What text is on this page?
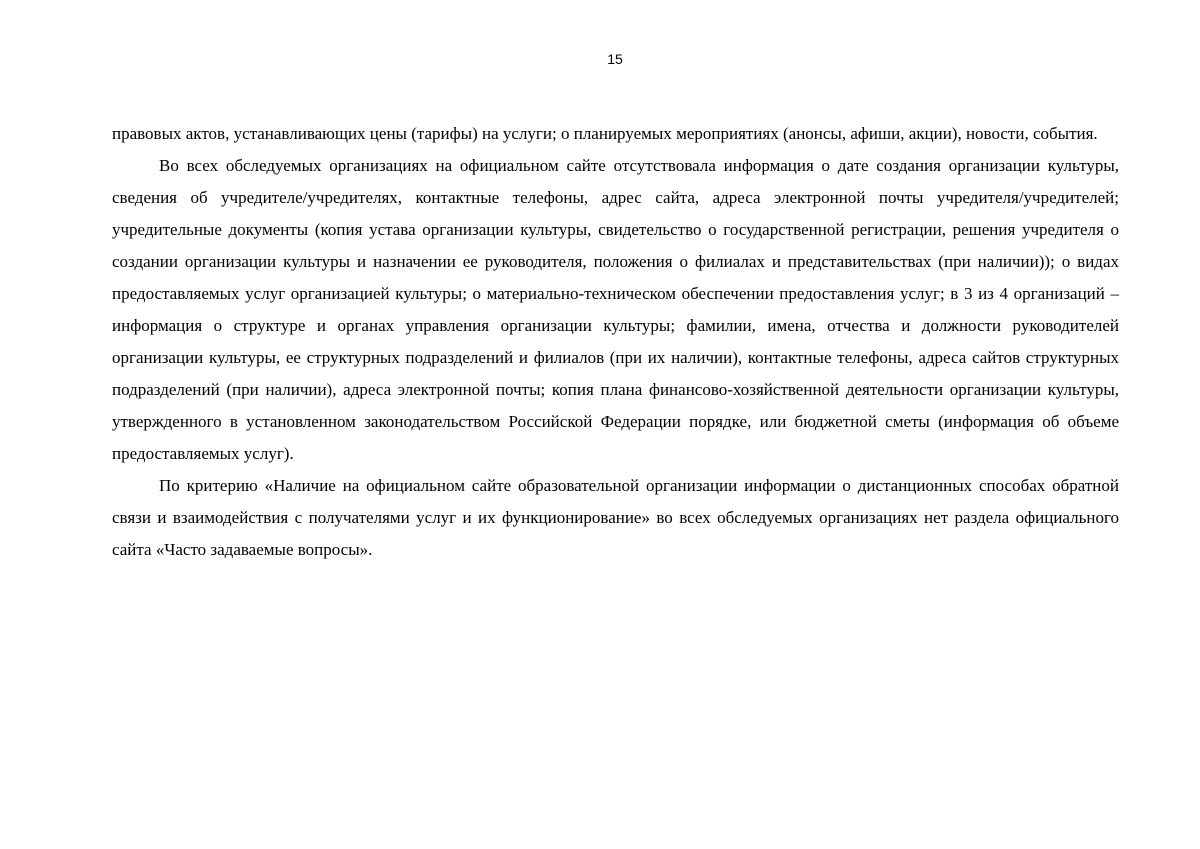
15

правовых актов, устанавливающих цены (тарифы) на услуги; о планируемых мероприятиях (анонсы, афиши, акции), новости, события.

Во всех обследуемых организациях на официальном сайте отсутствовала информация о дате создания организации культуры, сведения об учредителе/учредителях, контактные телефоны, адрес сайта, адреса электронной почты учредителя/учредителей; учредительные документы (копия устава организации культуры, свидетельство о государственной регистрации, решения учредителя о создании организации культуры и назначении ее руководителя, положения о филиалах и представительствах (при наличии)); о видах предоставляемых услуг организацией культуры; о материально-техническом обеспечении предоставления услуг; в 3 из 4 организаций – информация о структуре и органах управления организации культуры; фамилии, имена, отчества и должности руководителей организации культуры, ее структурных подразделений и филиалов (при их наличии), контактные телефоны, адреса сайтов структурных подразделений (при наличии), адреса электронной почты; копия плана финансово-хозяйственной деятельности организации культуры, утвержденного в установленном законодательством Российской Федерации порядке, или бюджетной сметы (информация об объеме предоставляемых услуг).

По критерию «Наличие на официальном сайте образовательной организации информации о дистанционных способах обратной связи и взаимодействия с получателями услуг и их функционирование» во всех обследуемых организациях нет раздела официального сайта «Часто задаваемые вопросы».
